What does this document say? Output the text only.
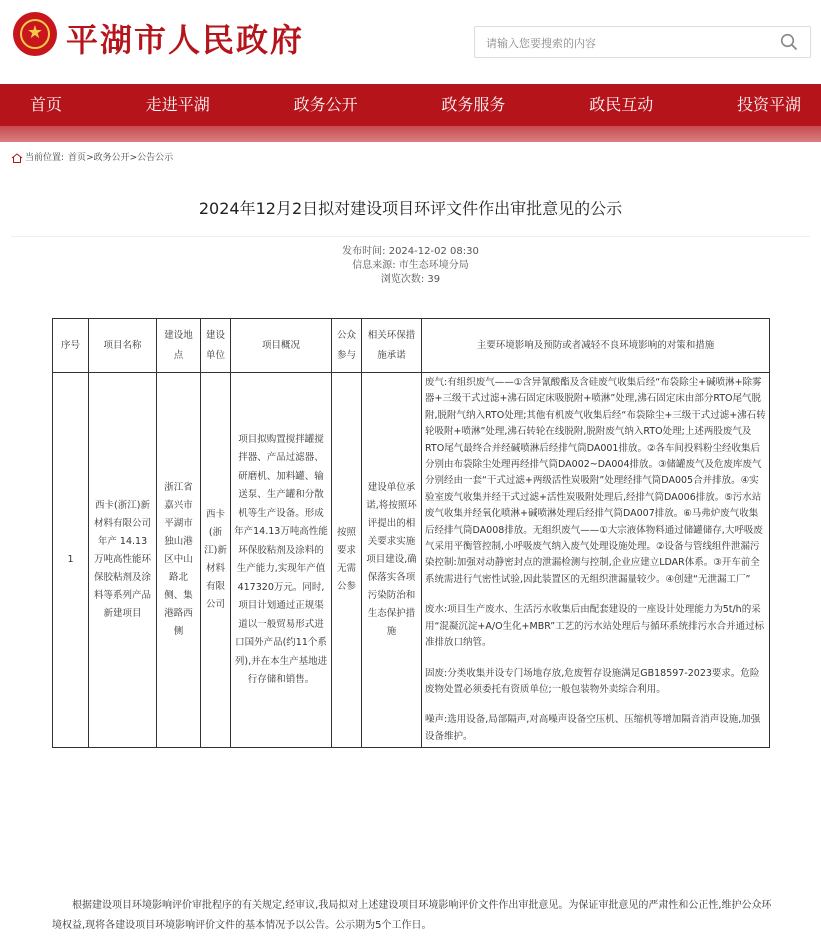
★
平湖市人民政府
请输入您要搜索的内容
首页	走进平湖	政务公开	政务服务	政民互动	投资平湖
当前位置: 首页 > 政务公开 > 公告公示
2024年12月2日拟对建设项目环评文件作出审批意见的公示
发布时间: 2024-12-02 08:30
信息来源: 市生态环境分局
浏览次数: 39
序号	项目名称	建设地点	建设单位	项目概况	公众参与	相关环保措施承诺	主要环境影响及预防或者减轻不良环境影响的对策和措施
1	西卡(浙江)新材料有限公司年产 14.13 万吨高性能环保胶粘剂及涂料等系列产品新建项目	浙江省嘉兴市平湖市独山港区中山路北侧、集港路西侧	西卡(浙江)新材料有限公司	项目拟购置搅拌罐搅拌器、产品过滤器、研磨机、加料罐、输送泵、生产罐和分散机等生产设备。形成年产14.13万吨高性能环保胶粘剂及涂料的生产能力,实现年产值417320万元。同时,项目计划通过正规渠道以一般贸易形式进口国外产品(约11个系列),并在本生产基地进行存储和销售。	按照要求无需公参	建设单位承诺,将按照环评提出的相关要求实施项目建设,确保落实各项污染防治和生态保护措施	废气:有组织废气——①含异氰酸酯及含硅废气收集后经“布袋除尘+碱喷淋+除雾器+三级干式过滤+沸石固定床吸脱附+喷淋”处理,沸石固定床由部分RTO尾气脱附,脱附气纳入RTO处理;其他有机废气收集后经“布袋除尘+三级干式过滤+沸石转轮吸附+喷淋”处理,沸石转轮在线脱附,脱附废气纳入RTO处理;上述两股废气及RTO尾气最终合并经碱喷淋后经排气筒DA001排放。②各车间投料粉尘经收集后分别由布袋除尘处理再经排气筒DA002~DA004排放。③储罐废气及危废库废气分别经由一套“干式过滤+两级活性炭吸附”处理经排气筒DA005合并排放。④实验室废气收集并经干式过滤+活性炭吸附处理后,经排气筒DA006排放。⑤污水站废气收集并经氧化喷淋+碱喷淋处理后经排气筒DA007排放。⑥马弗炉废气收集后经排气筒DA008排放。无组织废气——①大宗液体物料通过储罐储存,大呼吸废气采用平衡管控制,小呼吸废气纳入废气处理设施处理。②设备与管线组件泄漏污染控制:加强对动静密封点的泄漏检测与控制,企业应建立LDAR体系。③开车前全系统需进行气密性试验,因此装置区的无组织泄漏量较少。④创建“无泄漏工厂”

废水:项目生产废水、生活污水收集后由配套建设的一座设计处理能力为5t/h的采用“混凝沉淀+A/O生化+MBR”工艺的污水站处理后与循环系统排污水合并通过标准排放口纳管。

固废:分类收集并设专门场地存放,危废暂存设施满足GB18597-2023要求。危险废物处置必须委托有资质单位;一般包装物外卖综合利用。

噪声:选用设备,局部隔声,对高噪声设备空压机、压缩机等增加隔音消声设施,加强设备维护。

根据建设项目环境影响评价审批程序的有关规定,经审议,我局拟对上述建设项目环境影响评价文件作出审批意见。为保证审批意见的严肃性和公正性,维护公众环境权益,现将各建设项目环境影响评价文件的基本情况予以公告。公示期为5个工作日。
